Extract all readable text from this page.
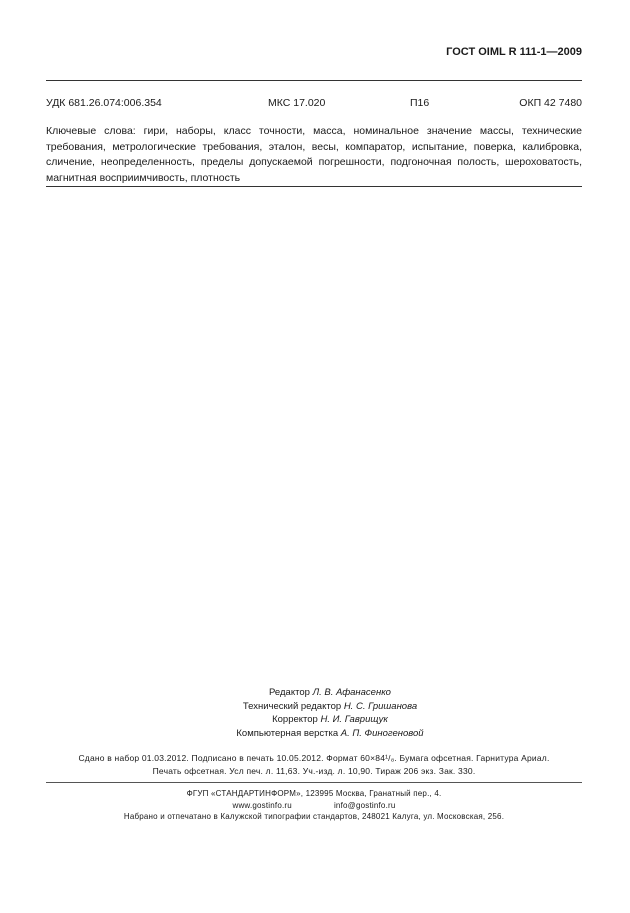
ГОСТ OIML R 111-1—2009
УДК 681.26.074:006.354	МКС 17.020	П16	ОКП 42 7480
Ключевые слова: гири, наборы, класс точности, масса, номинальное значение массы, технические требования, метрологические требования, эталон, весы, компаратор, испытание, поверка, калибровка, сличение, неопределенность, пределы допускаемой погрешности, подгоночная полость, шероховатость, магнитная восприимчивость, плотность
Редактор Л. В. Афанасенко
Технический редактор Н. С. Гришанова
Корректор Н. И. Гаврищук
Компьютерная верстка А. П. Финогеновой
Сдано в набор 01.03.2012. Подписано в печать 10.05.2012. Формат 60×84¹/₈. Бумага офсетная. Гарнитура Ариал.
Печать офсетная. Усл печ. л. 11,63. Уч.-изд. л. 10,90. Тираж 206 экз. Зак. 330.
ФГУП «СТАНДАРТИНФОРМ», 123995 Москва, Гранатный пер., 4.
www.gostinfo.ru	info@gostinfo.ru
Набрано и отпечатано в Калужской типографии стандартов, 248021 Калуга, ул. Московская, 256.
